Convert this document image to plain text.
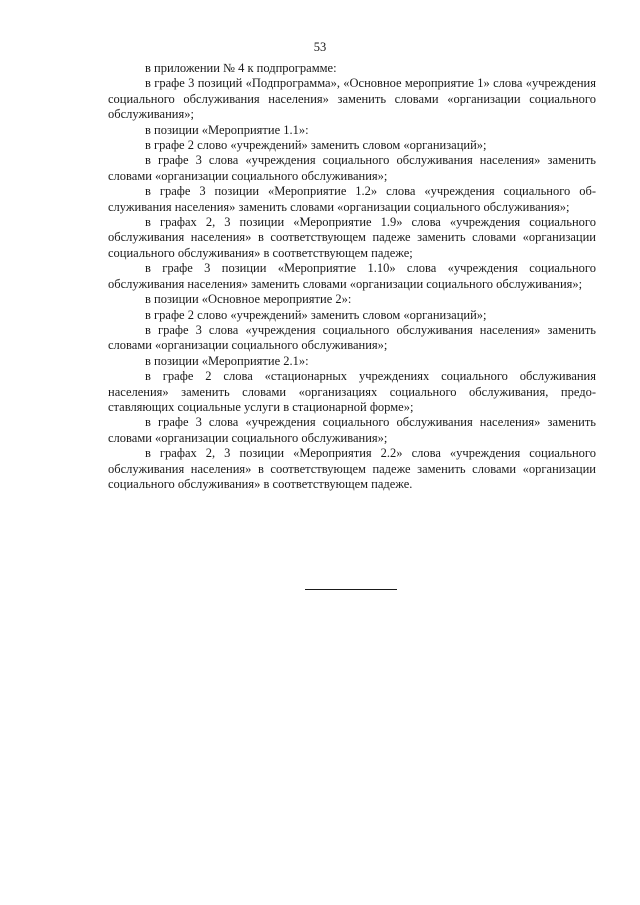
53

в приложении № 4 к подпрограмме:

в графе 3 позиций «Подпрограмма», «Основное мероприятие 1» слова «учреждения социального обслуживания населения» заменить словами «организации социального обслуживания»;

в позиции «Мероприятие 1.1»:

в графе 2 слово «учреждений» заменить словом «организаций»;

в графе 3 слова «учреждения социального обслуживания населения» заменить словами «организации социального обслуживания»;

в графе 3 позиции «Мероприятие 1.2» слова «учреждения социального обслуживания населения» заменить словами «организации социального обслуживания»;

в графах 2, 3 позиции «Мероприятие 1.9» слова «учреждения социального обслуживания населения» в соответствующем падеже заменить словами «организации социального обслуживания» в соответствующем падеже;

в графе 3 позиции «Мероприятие 1.10» слова «учреждения социального обслуживания населения» заменить словами «организации социального обслуживания»;

в позиции «Основное мероприятие 2»:

в графе 2 слово «учреждений» заменить словом «организаций»;

в графе 3 слова «учреждения социального обслуживания населения» заменить словами «организации социального обслуживания»;

в позиции «Мероприятие 2.1»:

в графе 2 слова «стационарных учреждениях социального обслуживания населения» заменить словами «организациях социального обслуживания, предоставляющих социальные услуги в стационарной форме»;

в графе 3 слова «учреждения социального обслуживания населения» заменить словами «организации социального обслуживания»;

в графах 2, 3 позиции «Мероприятия 2.2» слова «учреждения социального обслуживания населения» в соответствующем падеже заменить словами «организации социального обслуживания» в соответствующем падеже.
